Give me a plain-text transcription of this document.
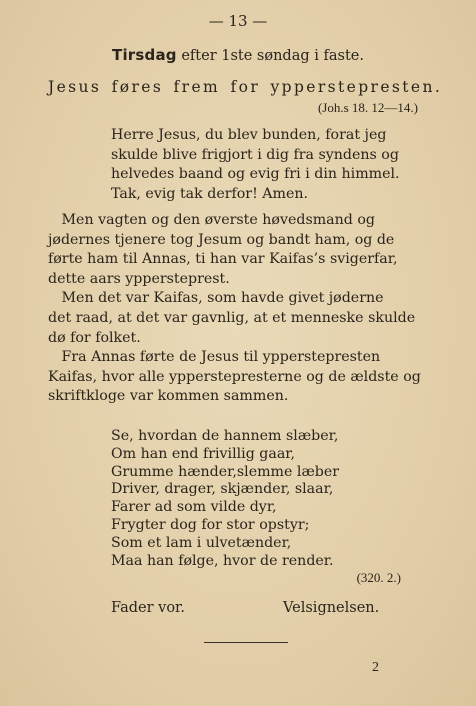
— 13 —
Tirsdag efter 1ste søndag i faste.
Jesus føres frem for ypperstepresten.
(Joh.s 18. 12—14.)
Herre Jesus, du blev bunden, forat jeg
skulde blive frigjort i dig fra syndens og
helvedes baand og evig fri i din himmel.
Tak, evig tak derfor! Amen.
Men vagten og den øverste høvedsmand og
jødernes tjenere tog Jesum og bandt ham, og de
førte ham til Annas, ti han var Kaifas’s svigerfar,
dette aars yppersteprest.
Men det var Kaifas, som havde givet jøderne
det raad, at det var gavnlig, at et menneske skulde
dø for folket.
Fra Annas førte de Jesus til ypperstepresten
Kaifas, hvor alle ypperstepresterne og de ældste og
skriftkloge var kommen sammen.
Se, hvordan de hannem slæber,
Om han end frivillig gaar,
Grumme hænder,slemme læber
Driver, drager, skjænder, slaar,
Farer ad som vilde dyr,
Frygter dog for stor opstyr;
Som et lam i ulvetænder,
Maa han følge, hvor de render.
(320. 2.)
Fader vor.	Velsignelsen.
2
